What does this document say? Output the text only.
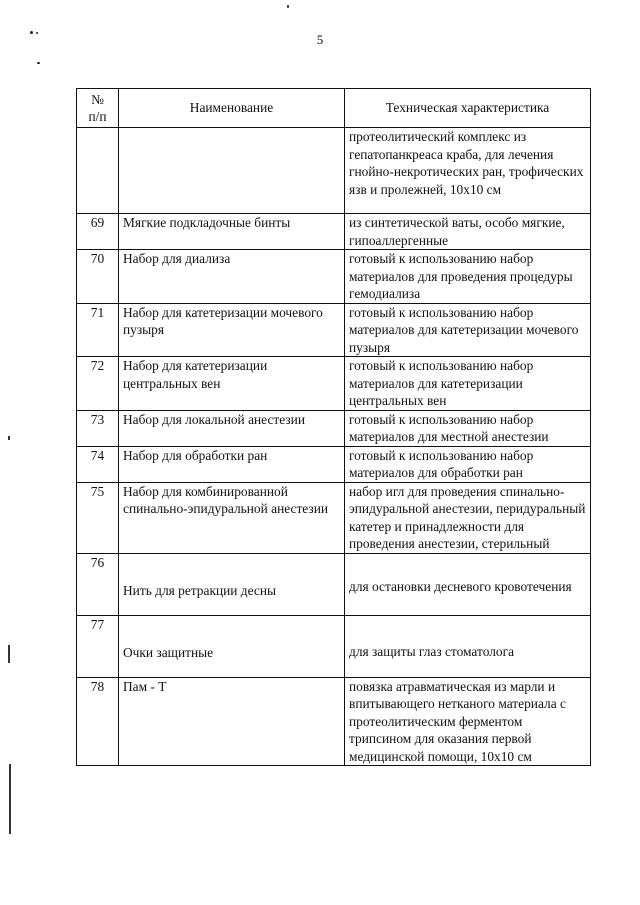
5
№
п/п	Наименование	Техническая характеристика
		протеолитический комплекс из гепатопанкреаса краба, для лечения гнойно-некротических ран, трофических язв и пролежней, 10x10 см
69	Мягкие подкладочные бинты	из синтетической ваты, особо мягкие, гипоаллергенные
70	Набор для диализа	готовый к использованию набор материалов для проведения процедуры гемодиализа
71	Набор для катетеризации мочевого пузыря	готовый к использованию набор материалов для катетеризации мочевого пузыря
72	Набор для катетеризации центральных вен	готовый к использованию набор материалов для катетеризации центральных вен
73	Набор для локальной анестезии	готовый к использованию набор материалов для местной анестезии
74	Набор для обработки ран	готовый к использованию набор материалов для обработки ран
75	Набор для комбинированной спинально-эпидуральной анестезии	набор игл для проведения спинально-эпидуральной анестезии, перидуральный катетер и принадлежности для проведения анестезии, стерильный
76	Нить для ретракции десны	для остановки десневого кровотечения
77	Очки защитные	для защиты глаз стоматолога
78	Пам - Т	повязка атравматическая из марли и впитывающего нетканого материала с протеолитическим ферментом трипсином для оказания первой медицинской помощи, 10x10 см
